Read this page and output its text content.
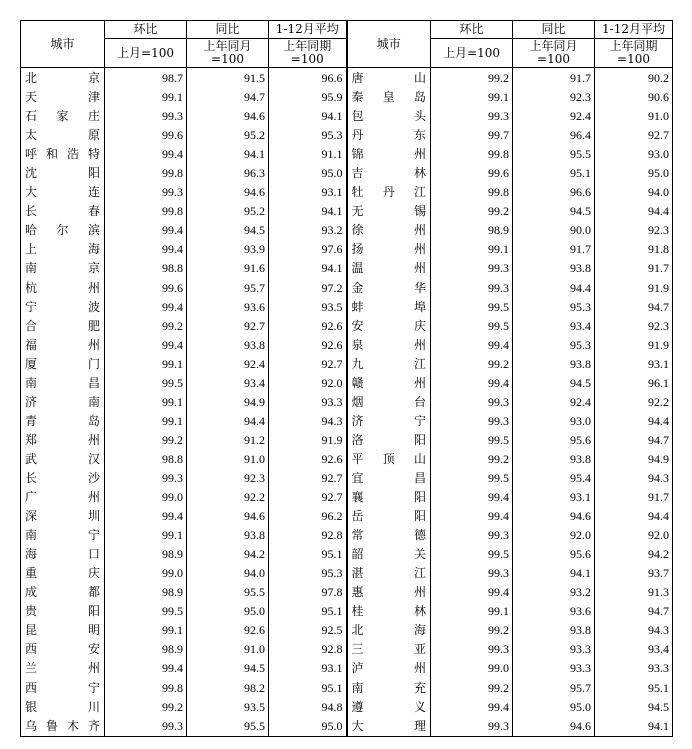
城市	环比	同比	1-12月平均	城市	环比	同比	1-12月平均
	上月=100	上年同月
=100	上年同期
=100		上月=100	上年同月
=100	上年同期
=100

北 京	98.7	91.5	96.6	唐 山	99.2	91.7	90.2

天 津	99.1	94.7	95.9	秦 皇 岛	99.1	92.3	90.6

石 家 庄	99.3	94.6	94.1	包 头	99.3	92.4	91.0

太 原	99.6	95.2	95.3	丹 东	99.7	96.4	92.7

呼 和 浩 特	99.4	94.1	91.1	锦 州	99.8	95.5	93.0

沈 阳	99.8	96.3	95.0	吉 林	99.6	95.1	95.0

大 连	99.3	94.6	93.1	牡 丹 江	99.8	96.6	94.0

长 春	99.8	95.2	94.1	无 锡	99.2	94.5	94.4

哈 尔 滨	99.4	94.5	93.2	徐 州	98.9	90.0	92.3

上 海	99.4	93.9	97.6	扬 州	99.1	91.7	91.8

南 京	98.8	91.6	94.1	温 州	99.3	93.8	91.7

杭 州	99.6	95.7	97.2	金 华	99.3	94.4	91.9

宁 波	99.4	93.6	93.5	蚌 埠	99.5	95.3	94.7

合 肥	99.2	92.7	92.6	安 庆	99.5	93.4	92.3

福 州	99.4	93.8	92.6	泉 州	99.4	95.3	91.9

厦 门	99.1	92.4	92.7	九 江	99.2	93.8	93.1

南 昌	99.5	93.4	92.0	赣 州	99.4	94.5	96.1

济 南	99.1	94.9	93.3	烟 台	99.3	92.4	92.2

青 岛	99.1	94.4	94.3	济 宁	99.3	93.0	94.4

郑 州	99.2	91.2	91.9	洛 阳	99.5	95.6	94.7

武 汉	98.8	91.0	92.6	平 顶 山	99.2	93.8	94.9

长 沙	99.3	92.3	92.7	宜 昌	99.5	95.4	94.3

广 州	99.0	92.2	92.7	襄 阳	99.4	93.1	91.7

深 圳	99.4	94.6	96.2	岳 阳	99.4	94.6	94.4

南 宁	99.1	93.8	92.8	常 德	99.3	92.0	92.0

海 口	98.9	94.2	95.1	韶 关	99.5	95.6	94.2

重 庆	99.0	94.0	95.3	湛 江	99.3	94.1	93.7

成 都	98.9	95.5	97.8	惠 州	99.4	93.2	91.3

贵 阳	99.5	95.0	95.1	桂 林	99.1	93.6	94.7

昆 明	99.1	92.6	92.5	北 海	99.2	93.8	94.3

西 安	98.9	91.0	92.8	三 亚	99.3	93.3	93.4

兰 州	99.4	94.5	93.1	泸 州	99.0	93.3	93.3

西 宁	99.8	98.2	95.1	南 充	99.2	95.7	95.1

银 川	99.2	93.5	94.8	遵 义	99.4	95.0	94.5

乌 鲁 木 齐	99.3	95.5	95.0	大 理	99.3	94.6	94.1
